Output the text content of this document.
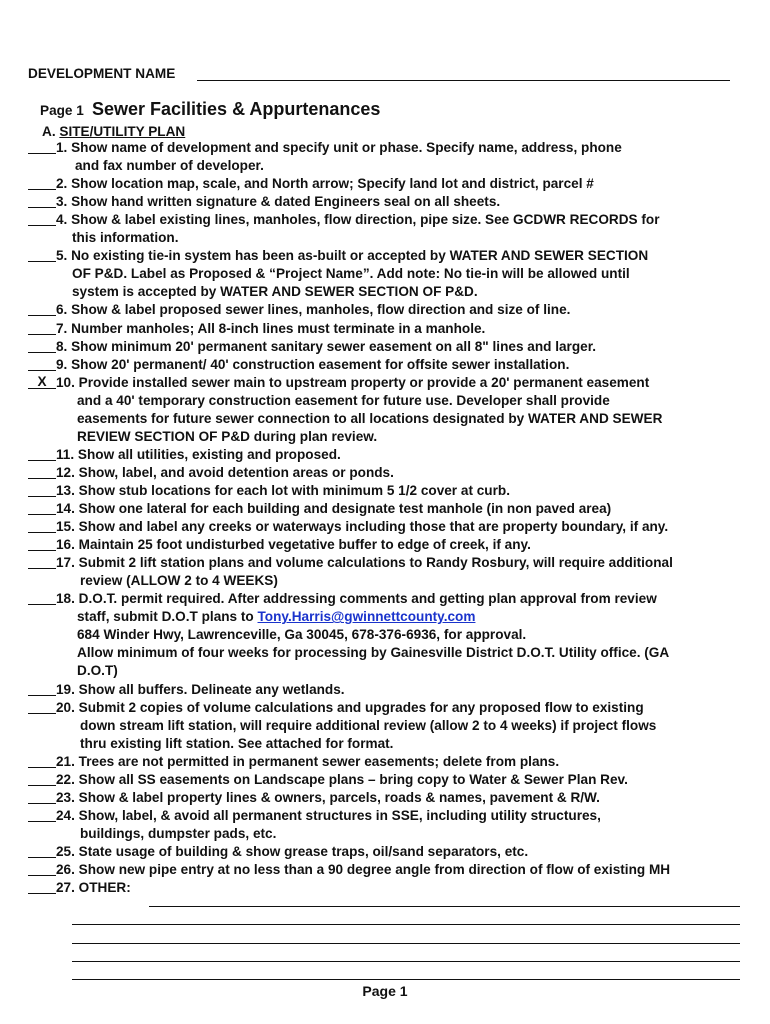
DEVELOPMENT NAME
Page 1 Sewer Facilities & Appurtenances
A. SITE/UTILITY PLAN
1. Show name of development and specify unit or phase. Specify name, address, phone
and fax number of developer.
2. Show location map, scale, and North arrow; Specify land lot and district, parcel #
3. Show hand written signature & dated Engineers seal on all sheets.
4. Show & label existing lines, manholes, flow direction, pipe size. See GCDWR RECORDS for
this information.
5. No existing tie-in system has been as-built or accepted by WATER AND SEWER SECTION
OF P&D. Label as Proposed & “Project Name”. Add note: No tie-in will be allowed until
system is accepted by WATER AND SEWER SECTION OF P&D.
6. Show & label proposed sewer lines, manholes, flow direction and size of line.
7. Number manholes; All 8-inch lines must terminate in a manhole.
8. Show minimum 20' permanent sanitary sewer easement on all 8" lines and larger.
9. Show 20' permanent/ 40' construction easement for offsite sewer installation.
X 10. Provide installed sewer main to upstream property or provide a 20' permanent easement
and a 40' temporary construction easement for future use. Developer shall provide
easements for future sewer connection to all locations designated by WATER AND SEWER
REVIEW SECTION OF P&D during plan review.
11. Show all utilities, existing and proposed.
12. Show, label, and avoid detention areas or ponds.
13. Show stub locations for each lot with minimum 5 1/2 cover at curb.
14. Show one lateral for each building and designate test manhole (in non paved area)
15. Show and label any creeks or waterways including those that are property boundary, if any.
16. Maintain 25 foot undisturbed vegetative buffer to edge of creek, if any.
17. Submit 2 lift station plans and volume calculations to Randy Rosbury, will require additional
review (ALLOW 2 to 4 WEEKS)
18. D.O.T. permit required. After addressing comments and getting plan approval from review
staff, submit D.O.T plans to Tony.Harris@gwinnettcounty.com
684 Winder Hwy, Lawrenceville, Ga 30045, 678-376-6936, for approval.
Allow minimum of four weeks for processing by Gainesville District D.O.T. Utility office. (GA
D.O.T)
19. Show all buffers. Delineate any wetlands.
20. Submit 2 copies of volume calculations and upgrades for any proposed flow to existing
down stream lift station, will require additional review (allow 2 to 4 weeks) if project flows
thru existing lift station. See attached for format.
21. Trees are not permitted in permanent sewer easements; delete from plans.
22. Show all SS easements on Landscape plans – bring copy to Water & Sewer Plan Rev.
23. Show & label property lines & owners, parcels, roads & names, pavement & R/W.
24. Show, label, & avoid all permanent structures in SSE, including utility structures,
buildings, dumpster pads, etc.
25. State usage of building & show grease traps, oil/sand separators, etc.
26. Show new pipe entry at no less than a 90 degree angle from direction of flow of existing MH
27. OTHER:
Page 1
